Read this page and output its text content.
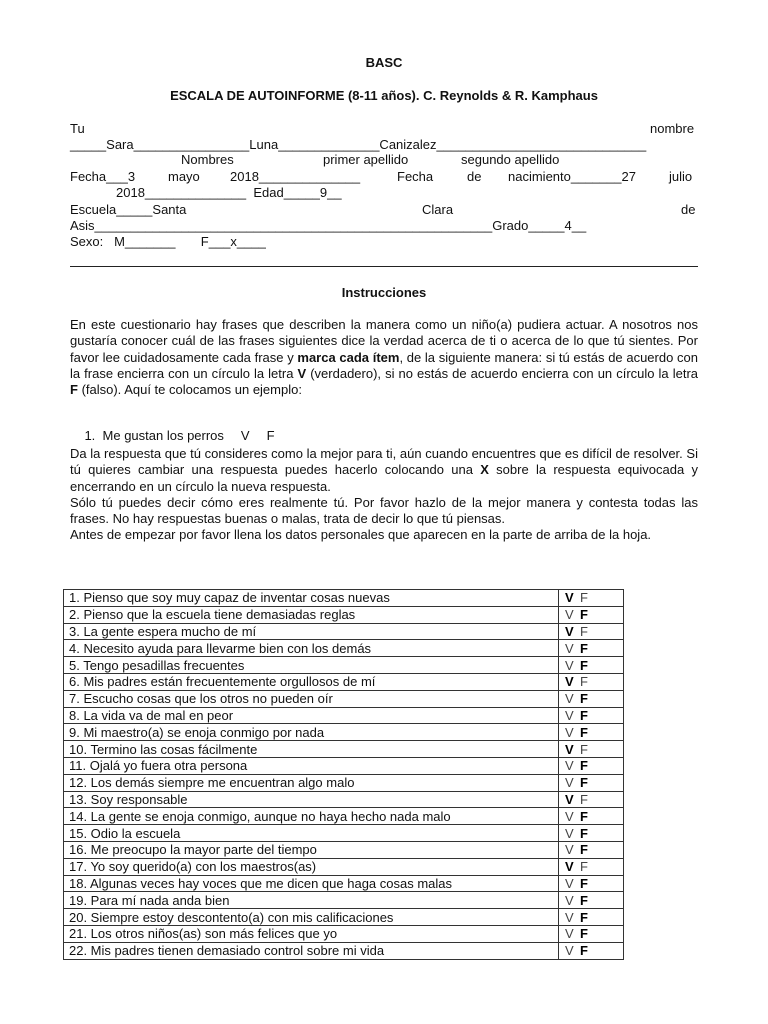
BASC
ESCALA DE AUTOINFORME (8-11 años). C. Reynolds & R. Kamphaus
Tu	nombre
_____Sara________________Luna______________Canizalez_____________________________
Nombres	primer apellido	segundo apellido
Fecha___3	mayo 2018______________	Fecha	de nacimiento_______27	julio
2018______________  Edad_____9__
Escuela_____Santa	Clara	de
Asis_______________________________________________________Grado_____4__
Sexo:   M_______       F___x____
Instrucciones

En este cuestionario hay frases que describen la manera como un niño(a) pudiera actuar. A nosotros nos gustaría conocer cuál de las frases siguientes dice la verdad acerca de ti o acerca de lo que tú sientes. Por favor lee cuidadosamente cada frase y marca cada ítem, de la siguiente manera: si tú estás de acuerdo con la frase encierra con un círculo la letra V (verdadero), si no estás de acuerdo encierra con un círculo la letra F (falso). Aquí te colocamos un ejemplo:

1.  Me gustan los perros V F

Da la respuesta que tú consideres como la mejor para ti, aún cuando encuentres que es difícil de resolver. Si tú quieres cambiar una respuesta puedes hacerlo colocando una X sobre la respuesta equivocada y encerrando en un círculo la nueva respuesta.

Sólo tú puedes decir cómo eres realmente tú. Por favor hazlo de la mejor manera y contesta todas las frases. No hay respuestas buenas o malas, trata de decir lo que tú piensas.

Antes de empezar por favor llena los datos personales que aparecen en la parte de arriba de la hoja.

1. Pienso que soy muy capaz de inventar cosas nuevas	V F
2. Pienso que la escuela tiene demasiadas reglas	V F
3. La gente espera mucho de mí	V F
4. Necesito ayuda para llevarme bien con los demás	V F
5. Tengo pesadillas frecuentes	V F
6. Mis padres están frecuentemente orgullosos de mí	V F
7. Escucho cosas que los otros no pueden oír	V F
8. La vida va de mal en peor	V F
9. Mi maestro(a) se enoja conmigo por nada	V F
10. Termino las cosas fácilmente	V F
11. Ojalá yo fuera otra persona	V F
12. Los demás siempre me encuentran algo malo	V F
13. Soy responsable	V F
14. La gente se enoja conmigo, aunque no haya hecho nada malo	V F
15. Odio la escuela	V F
16. Me preocupo la mayor parte del tiempo	V F
17. Yo soy querido(a) con los maestros(as)	V F
18. Algunas veces hay voces que me dicen que haga cosas malas	V F
19. Para mí nada anda bien	V F
20. Siempre estoy descontento(a) con mis calificaciones	V F
21. Los otros niños(as) son más felices que yo	V F
22. Mis padres tienen demasiado control sobre mi vida	V F
